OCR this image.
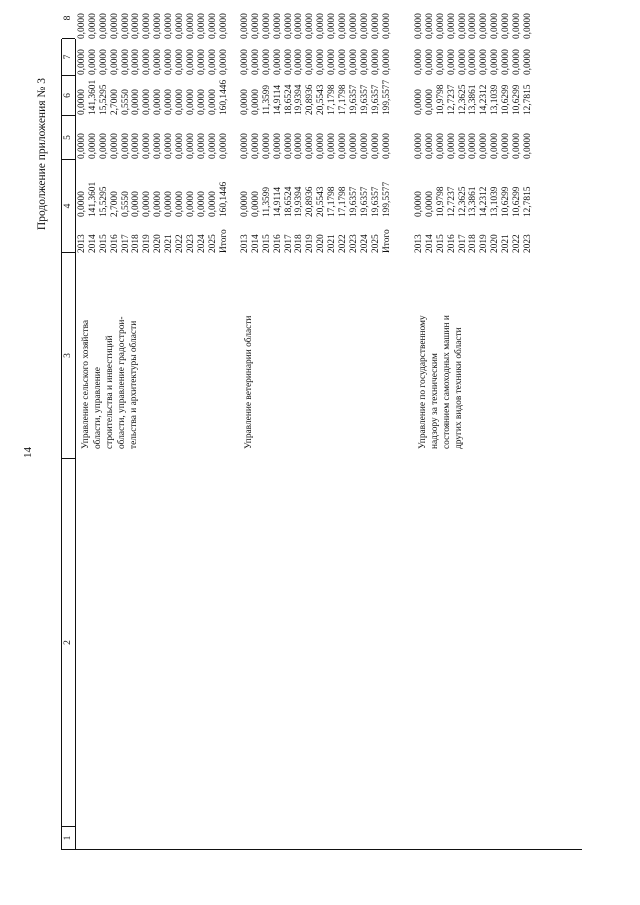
14
Продолжение приложения № 3
1
2
3
4
5
6
7
8
Управление сельского хозяйства области, управление строительства и инвестиций области, управление градострои- тельства и архитектуры области
2013 2014 2015 2016 2017 2018 2019 2020 2021 2022 2023 2024 2025 Итого
0,0000 141,3601 15,5295 2,7000 0,5550 0,0000 0,0000 0,0000 0,0000 0,0000 0,0000 0,0000 0,0000 160,1446
0,0000 0,0000 0,0000 0,0000 0,0000 0,0000 0,0000 0,0000 0,0000 0,0000 0,0000 0,0000 0,0000 0,0000
0,0000 141,3601 15,5295 2,7000 0,5550 0,0000 0,0000 0,0000 0,0000 0,0000 0,0000 0,0000 0,0000 160,1446
0,0000 0,0000 0,0000 0,0000 0,0000 0,0000 0,0000 0,0000 0,0000 0,0000 0,0000 0,0000 0,0000 0,0000
0,0000 0,0000 0,0000 0,0000 0,0000 0,0000 0,0000 0,0000 0,0000 0,0000 0,0000 0,0000 0,0000 0,0000
Управление ветеринарии области
2013 2014 2015 2016 2017 2018 2019 2020 2021 2022 2023 2024 2025 Итого
0,0000 0,0000 11,3599 14,9114 18,6524 19,9394 20,8936 20,5543 17,1798 17,1798 19,6357 19,6357 19,6357 199,5577
0,0000 0,0000 0,0000 0,0000 0,0000 0,0000 0,0000 0,0000 0,0000 0,0000 0,0000 0,0000 0,0000 0,0000
0,0000 0,0000 11,3599 14,9114 18,6524 19,9394 20,8936 20,5543 17,1798 17,1798 19,6357 19,6357 19,6357 199,5577
0,0000 0,0000 0,0000 0,0000 0,0000 0,0000 0,0000 0,0000 0,0000 0,0000 0,0000 0,0000 0,0000 0,0000
0,0000 0,0000 0,0000 0,0000 0,0000 0,0000 0,0000 0,0000 0,0000 0,0000 0,0000 0,0000 0,0000 0,0000
Управление по государственному надзору за техническим состоянием самоходных машин и других видов техники области
2013 2014 2015 2016 2017 2018 2019 2020 2021 2022 2023
0,0000 0,0000 10,9798 12,7237 12,3625 13,3861 14,2312 13,1039 10,6299 10,6299 12,7815
0,0000 0,0000 0,0000 0,0000 0,0000 0,0000 0,0000 0,0000 0,0000 0,0000 0,0000
0,0000 0,0000 10,9798 12,7237 12,3625 13,3861 14,2312 13,1039 10,6299 10,6299 12,7815
0,0000 0,0000 0,0000 0,0000 0,0000 0,0000 0,0000 0,0000 0,0000 0,0000 0,0000
0,0000 0,0000 0,0000 0,0000 0,0000 0,0000 0,0000 0,0000 0,0000 0,0000 0,0000
